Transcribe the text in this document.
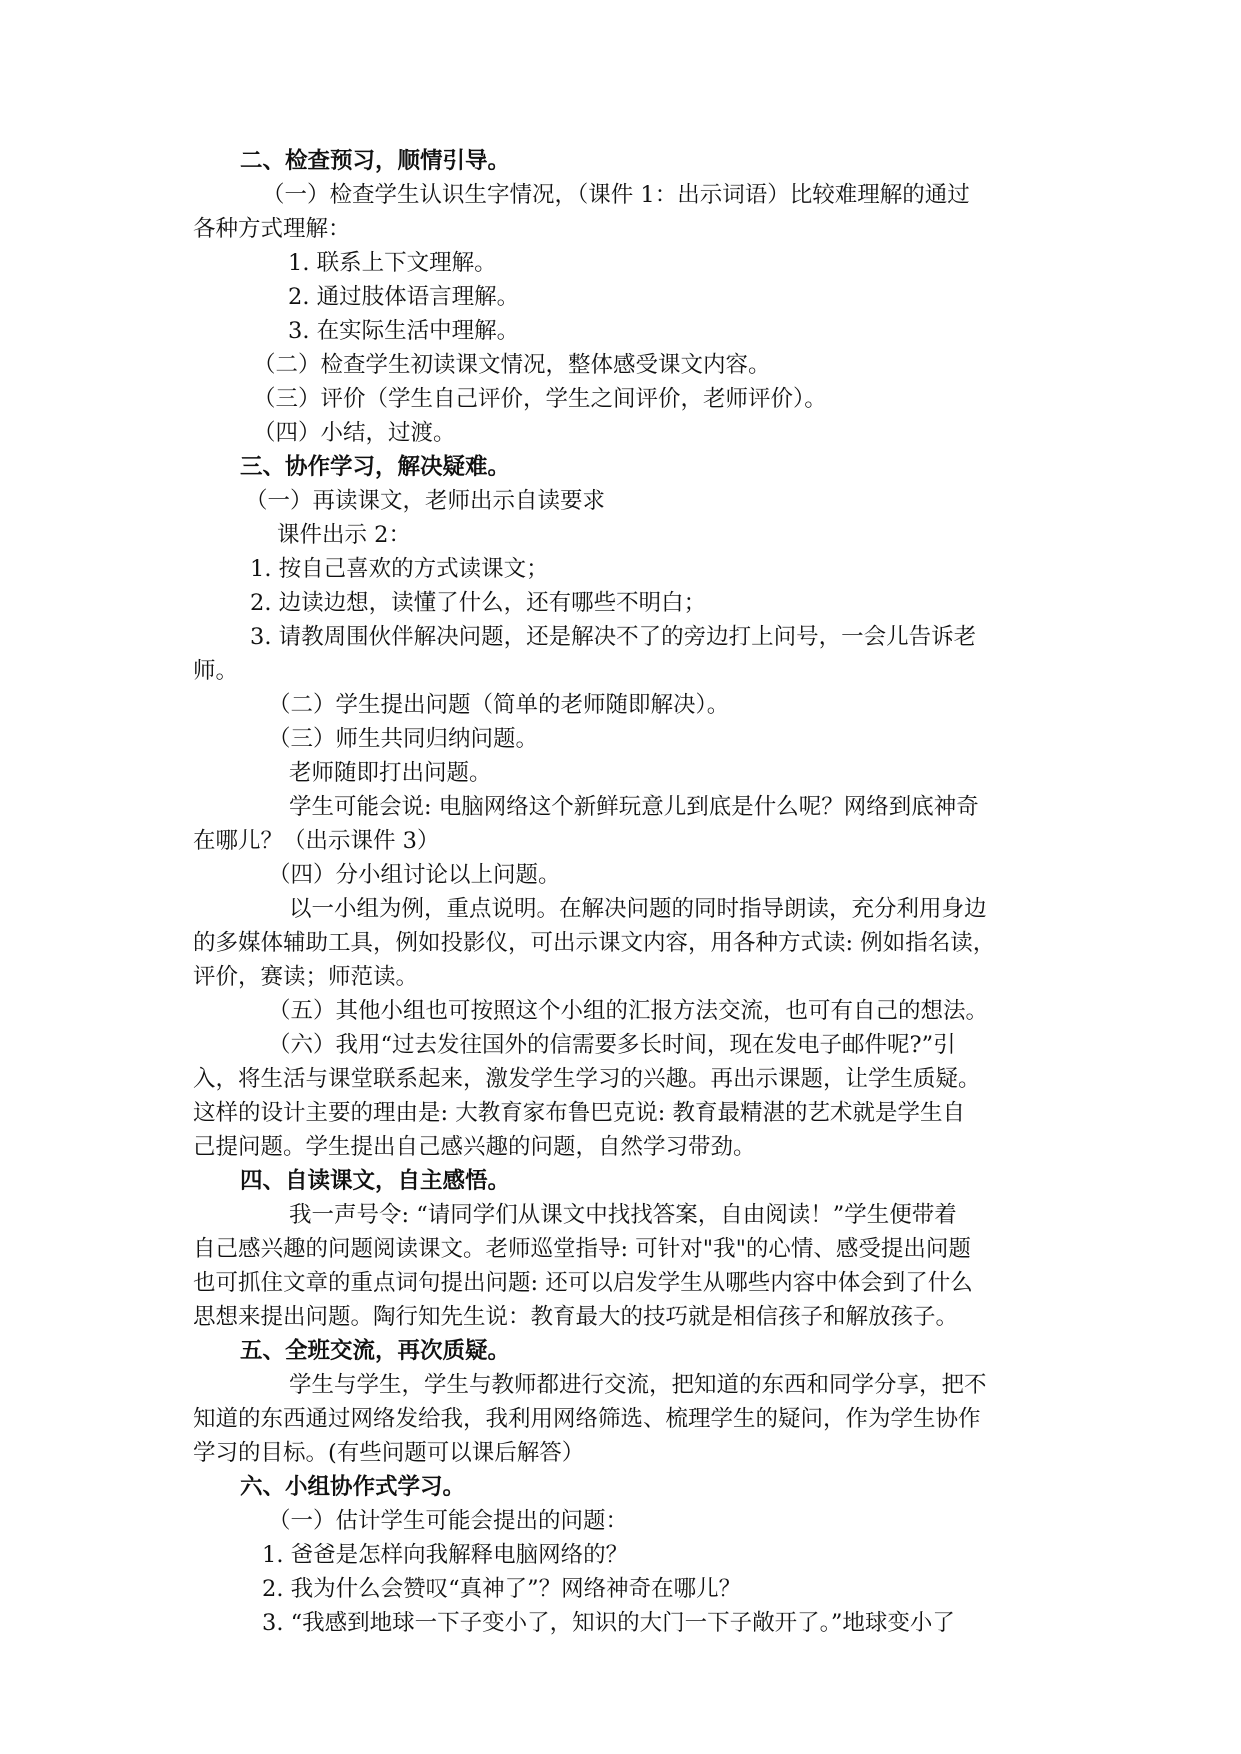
二、检查预习，顺情引导。
（一）检查学生认识生字情况，（课件 1：出示词语）比较难理解的通过
各种方式理解：
1. 联系上下文理解。
2. 通过肢体语言理解。
3. 在实际生活中理解。
（二）检查学生初读课文情况，整体感受课文内容。
（三）评价（学生自己评价，学生之间评价，老师评价）。
（四）小结，过渡。
三、协作学习，解决疑难。
（一）再读课文，老师出示自读要求
课件出示 2：
1. 按自己喜欢的方式读课文；
2. 边读边想，读懂了什么，还有哪些不明白；
3. 请教周围伙伴解决问题，还是解决不了的旁边打上问号，一会儿告诉老
师。
（二）学生提出问题（简单的老师随即解决）。
（三）师生共同归纳问题。
老师随即打出问题。
学生可能会说: 电脑网络这个新鲜玩意儿到底是什么呢？网络到底神奇
在哪儿？（出示课件 3）
（四）分小组讨论以上问题。
以一小组为例，重点说明。在解决问题的同时指导朗读，充分利用身边
的多媒体辅助工具，例如投影仪，可出示课文内容，用各种方式读: 例如指名读，
评价，赛读；师范读。
（五）其他小组也可按照这个小组的汇报方法交流，也可有自己的想法。
（六）我用“过去发往国外的信需要多长时间，现在发电子邮件呢?”引
入，将生活与课堂联系起来，激发学生学习的兴趣。再出示课题，让学生质疑。
这样的设计主要的理由是: 大教育家布鲁巴克说: 教育最精湛的艺术就是学生自
己提问题。学生提出自己感兴趣的问题，自然学习带劲。
四、自读课文，自主感悟。
我一声号令: “请同学们从课文中找找答案，自由阅读！”学生便带着
自己感兴趣的问题阅读课文。老师巡堂指导: 可针对"我"的心情、感受提出问题
也可抓住文章的重点词句提出问题: 还可以启发学生从哪些内容中体会到了什么
思想来提出问题。陶行知先生说：教育最大的技巧就是相信孩子和解放孩子。
五、全班交流，再次质疑。
学生与学生，学生与教师都进行交流，把知道的东西和同学分享，把不
知道的东西通过网络发给我，我利用网络筛选、梳理学生的疑问，作为学生协作
学习的目标。(有些问题可以课后解答）
六、小组协作式学习。
（一）估计学生可能会提出的问题：
1. 爸爸是怎样向我解释电脑网络的？
2. 我为什么会赞叹“真神了”？网络神奇在哪儿？
3. “我感到地球一下子变小了，知识的大门一下子敞开了。”地球变小了
